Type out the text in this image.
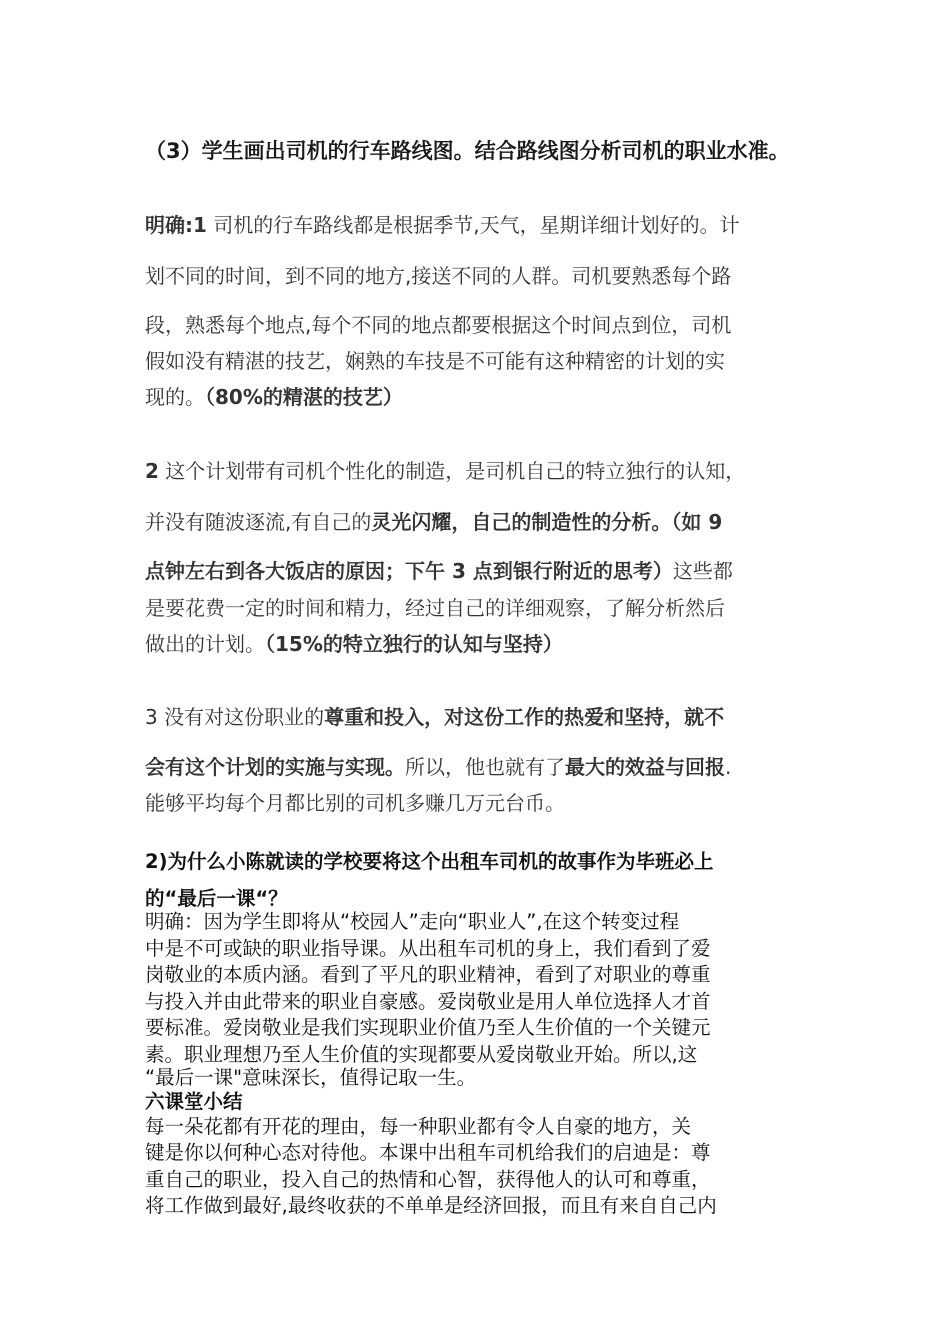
（3）学生画出司机的行车路线图。结合路线图分析司机的职业水准。
明确:1 司机的行车路线都是根据季节,天气，星期详细计划好的。计
划不同的时间，到不同的地方,接送不同的人群。司机要熟悉每个路
段，熟悉每个地点,每个不同的地点都要根据这个时间点到位，司机
假如没有精湛的技艺，娴熟的车技是不可能有这种精密的计划的实
现的。（80%的精湛的技艺）
2 这个计划带有司机个性化的制造，是司机自己的特立独行的认知，
并没有随波逐流,有自己的灵光闪耀，自己的制造性的分析。（如 9
点钟左右到各大饭店的原因；下午 3 点到银行附近的思考）这些都
是要花费一定的时间和精力，经过自己的详细观察，了解分析然后
做出的计划。（15%的特立独行的认知与坚持）
3 没有对这份职业的尊重和投入，对这份工作的热爱和坚持，就不
会有这个计划的实施与实现。所以，他也就有了最大的效益与回报.
能够平均每个月都比别的司机多赚几万元台币。
2)为什么小陈就读的学校要将这个出租车司机的故事作为毕班必上
的“最后一课“？
明确：因为学生即将从“校园人”走向“职业人”,在这个转变过程
中是不可或缺的职业指导课。从出租车司机的身上，我们看到了爱
岗敬业的本质内涵。看到了平凡的职业精神，看到了对职业的尊重
与投入并由此带来的职业自豪感。爱岗敬业是用人单位选择人才首
要标准。爱岗敬业是我们实现职业价值乃至人生价值的一个关键元
素。职业理想乃至人生价值的实现都要从爱岗敬业开始。所以,这
“最后一课"意味深长，值得记取一生。
六课堂小结
每一朵花都有开花的理由，每一种职业都有令人自豪的地方，关
键是你以何种心态对待他。本课中出租车司机给我们的启迪是：尊
重自己的职业，投入自己的热情和心智，获得他人的认可和尊重，
将工作做到最好,最终收获的不单单是经济回报，而且有来自自己内
